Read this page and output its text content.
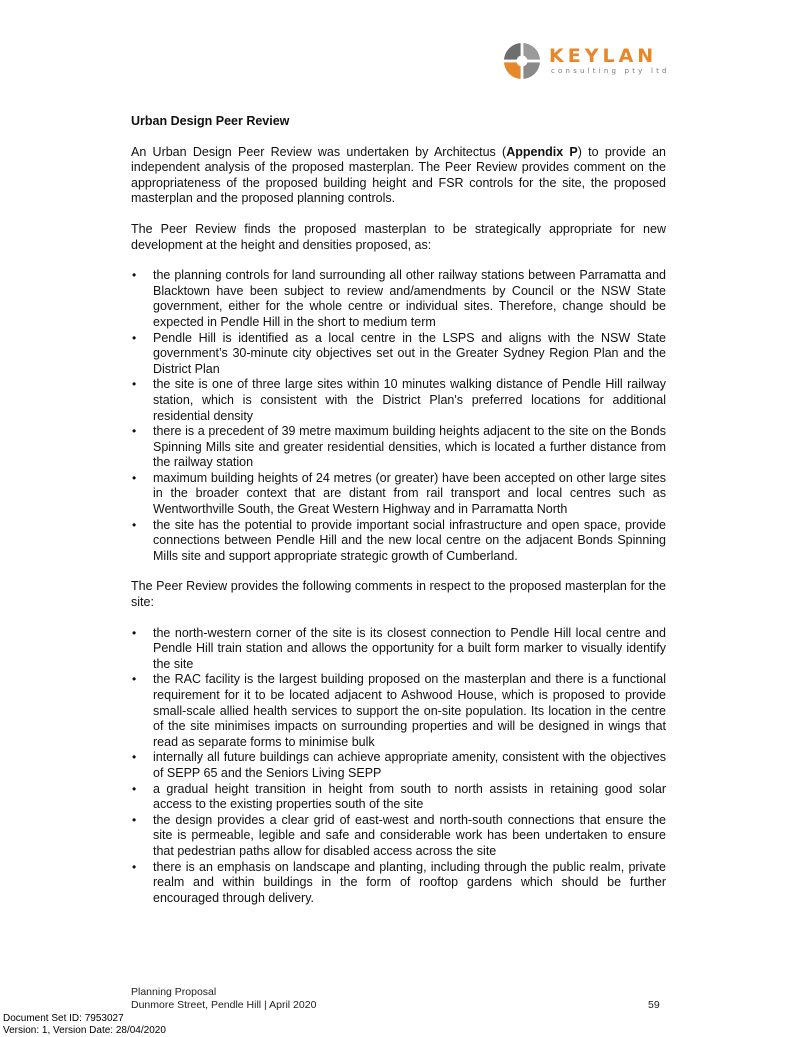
KEYLAN
consulting pty ltd

Urban Design Peer Review

An Urban Design Peer Review was undertaken by Architectus (Appendix P) to provide an independent analysis of the proposed masterplan. The Peer Review provides comment on the appropriateness of the proposed building height and FSR controls for the site, the proposed masterplan and the proposed planning controls.

The Peer Review finds the proposed masterplan to be strategically appropriate for new development at the height and densities proposed, as:

• the planning controls for land surrounding all other railway stations between Parramatta and Blacktown have been subject to review and/amendments by Council or the NSW State government, either for the whole centre or individual sites. Therefore, change should be expected in Pendle Hill in the short to medium term
• Pendle Hill is identified as a local centre in the LSPS and aligns with the NSW State government’s 30-minute city objectives set out in the Greater Sydney Region Plan and the District Plan
• the site is one of three large sites within 10 minutes walking distance of Pendle Hill railway station, which is consistent with the District Plan's preferred locations for additional residential density
• there is a precedent of 39 metre maximum building heights adjacent to the site on the Bonds Spinning Mills site and greater residential densities, which is located a further distance from the railway station
• maximum building heights of 24 metres (or greater) have been accepted on other large sites in the broader context that are distant from rail transport and local centres such as Wentworthville South, the Great Western Highway and in Parramatta North
• the site has the potential to provide important social infrastructure and open space, provide connections between Pendle Hill and the new local centre on the adjacent Bonds Spinning Mills site and support appropriate strategic growth of Cumberland.

The Peer Review provides the following comments in respect to the proposed masterplan for the site:

• the north-western corner of the site is its closest connection to Pendle Hill local centre and Pendle Hill train station and allows the opportunity for a built form marker to visually identify the site
• the RAC facility is the largest building proposed on the masterplan and there is a functional requirement for it to be located adjacent to Ashwood House, which is proposed to provide small-scale allied health services to support the on-site population. Its location in the centre of the site minimises impacts on surrounding properties and will be designed in wings that read as separate forms to minimise bulk
• internally all future buildings can achieve appropriate amenity, consistent with the objectives of SEPP 65 and the Seniors Living SEPP
• a gradual height transition in height from south to north assists in retaining good solar access to the existing properties south of the site
• the design provides a clear grid of east-west and north-south connections that ensure the site is permeable, legible and safe and considerable work has been undertaken to ensure that pedestrian paths allow for disabled access across the site
• there is an emphasis on landscape and planting, including through the public realm, private realm and within buildings in the form of rooftop gardens which should be further encouraged through delivery.
Planning Proposal
Dunmore Street, Pendle Hill | April 2020	59
Document Set ID: 7953027
Version: 1, Version Date: 28/04/2020
